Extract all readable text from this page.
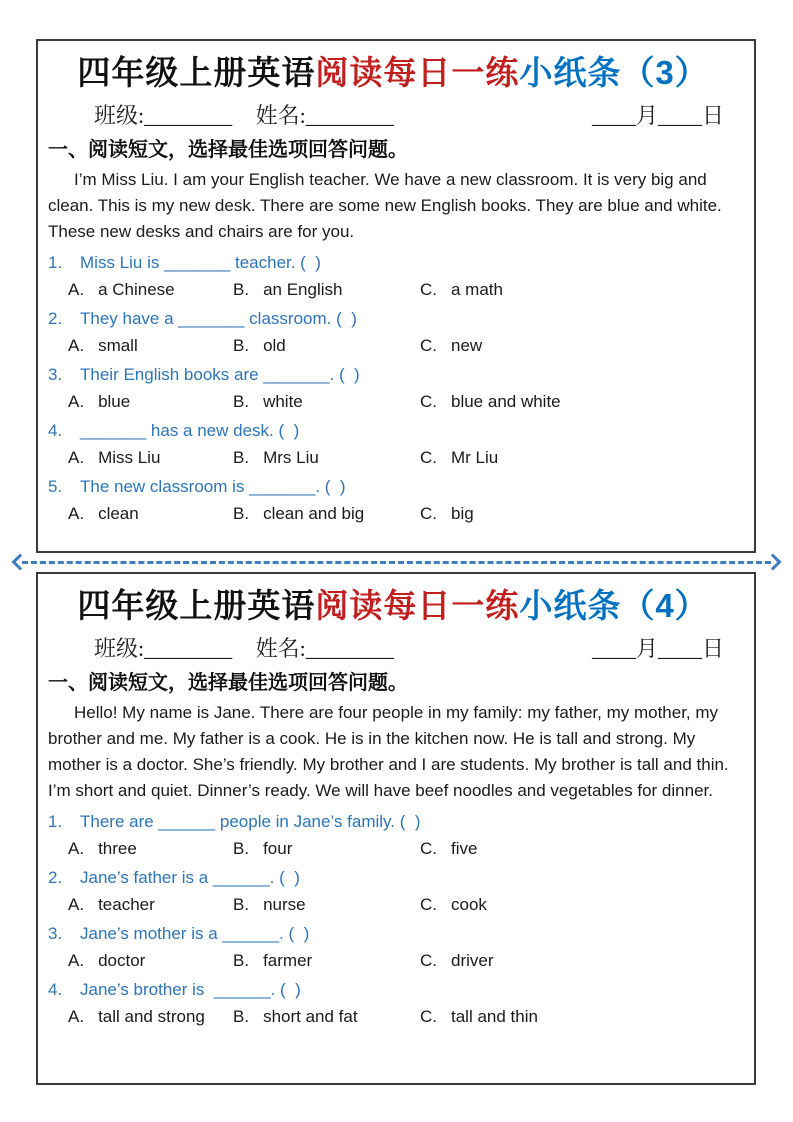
四年级上册英语阅读每日一练小纸条（3）
班级:________ 姓名:________	____月____日
一、阅读短文，选择最佳选项回答问题。

I’m Miss Liu. I am your English teacher. We have a new classroom. It is very big and clean. This is my new desk. There are some new English books. They are blue and white. These new desks and chairs are for you.

1. Miss Liu is _______ teacher. (  )
A. a Chinese	B. an English	C. a math
2. They have a _______ classroom. (  )
A. small	B. old	C. new
3. Their English books are _______. (  )
A. blue	B. white	C. blue and white
4. _______ has a new desk. (  )
A. Miss Liu	B. Mrs Liu	C. Mr Liu
5. The new classroom is _______. (  )
A. clean	B. clean and big	C. big
四年级上册英语阅读每日一练小纸条（4）
班级:________ 姓名:________	____月____日
一、阅读短文，选择最佳选项回答问题。

Hello! My name is Jane. There are four people in my family: my father, my mother, my brother and me. My father is a cook. He is in the kitchen now. He is tall and strong. My mother is a doctor. She’s friendly. My brother and I are students. My brother is tall and thin. I’m short and quiet. Dinner’s ready. We will have beef noodles and vegetables for dinner.

1. There are ______ people in Jane’s family. (  )
A. three	B. four	C. five
2. Jane’s father is a ______. (  )
A. teacher	B. nurse	C. cook
3. Jane’s mother is a ______. (  )
A. doctor	B. farmer	C. driver
4. Jane’s brother is  ______. (  )
A. tall and strong	B. short and fat	C. tall and thin
